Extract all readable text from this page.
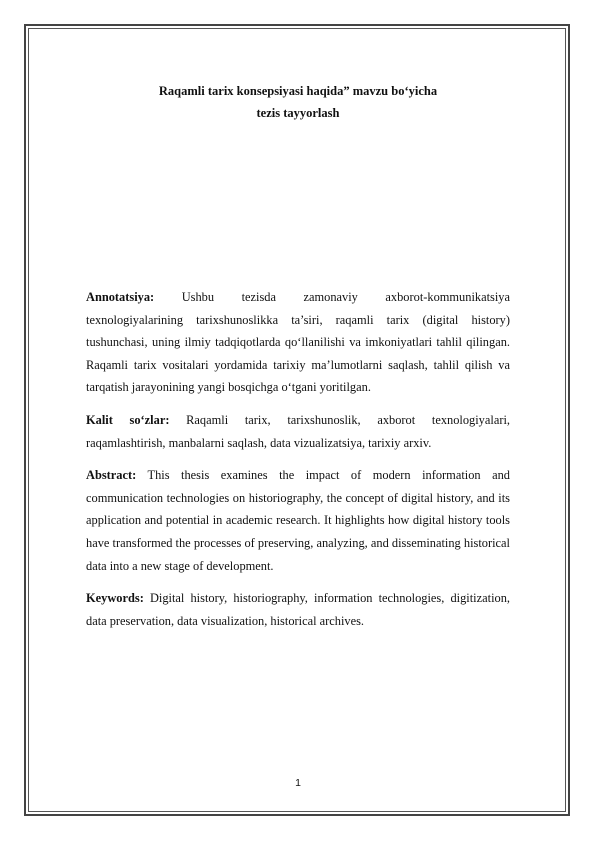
Raqamli tarix konsepsiyasi haqida” mavzu bo‘yicha
tezis tayyorlash

Annotatsiya: Ushbu tezisda zamonaviy axborot-kommunikatsiya texnologiyalarining tarixshunoslikka ta’siri, raqamli tarix (digital history) tushunchasi, uning ilmiy tadqiqotlarda qo‘llanilishi va imkoniyatlari tahlil qilingan. Raqamli tarix vositalari yordamida tarixiy ma’lumotlarni saqlash, tahlil qilish va tarqatish jarayonining yangi bosqichga o‘tgani yoritilgan.

Kalit so‘zlar: Raqamli tarix, tarixshunoslik, axborot texnologiyalari, raqamlashtirish, manbalarni saqlash, data vizualizatsiya, tarixiy arxiv.

Abstract: This thesis examines the impact of modern information and communication technologies on historiography, the concept of digital history, and its application and potential in academic research. It highlights how digital history tools have transformed the processes of preserving, analyzing, and disseminating historical data into a new stage of development.

Keywords: Digital history, historiography, information technologies, digitization, data preservation, data visualization, historical archives.

1
